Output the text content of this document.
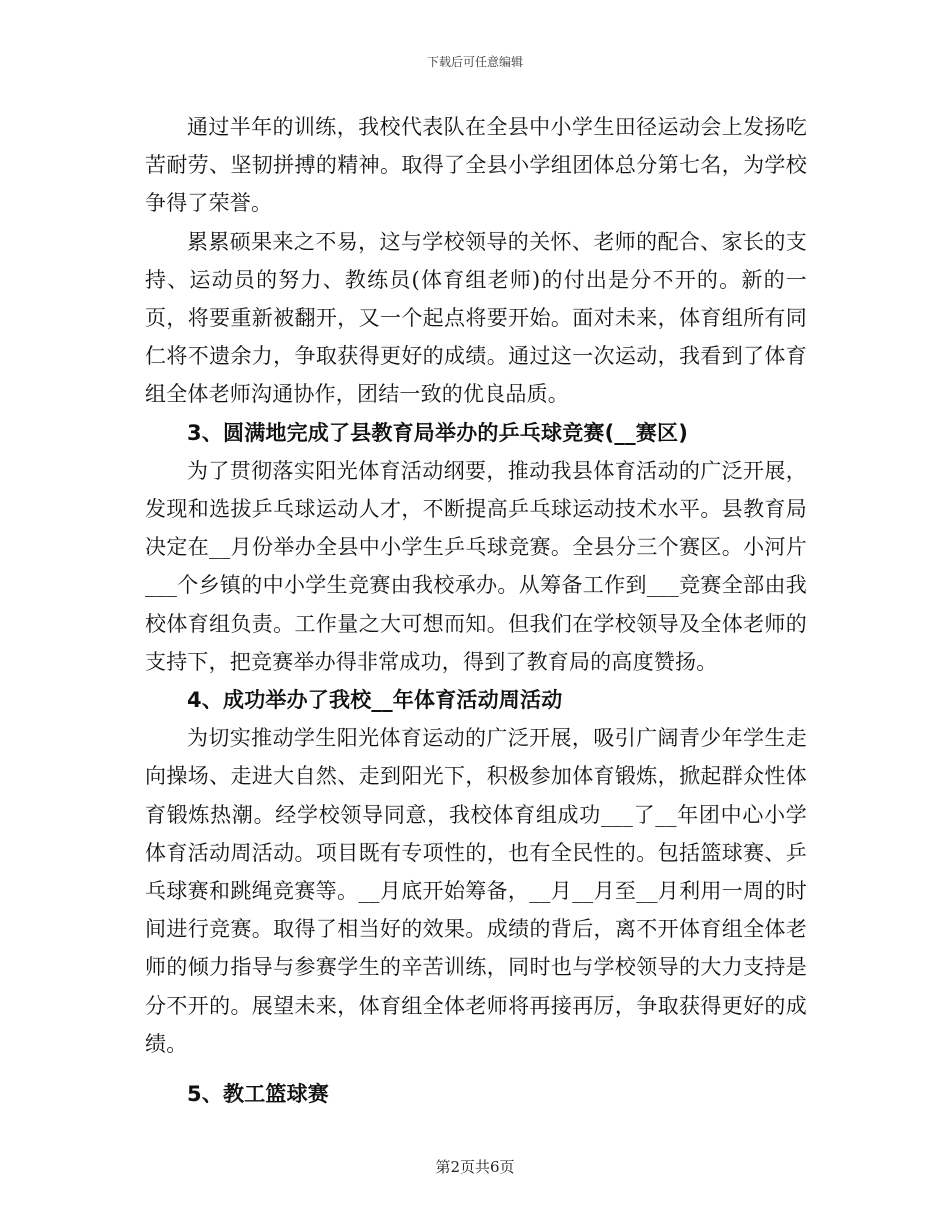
下载后可任意编辑

通过半年的训练，我校代表队在全县中小学生田径运动会上发扬吃苦耐劳、坚韧拼搏的精神。取得了全县小学组团体总分第七名，为学校争得了荣誉。

累累硕果来之不易，这与学校领导的关怀、老师的配合、家长的支持、运动员的努力、教练员(体育组老师)的付出是分不开的。新的一页，将要重新被翻开，又一个起点将要开始。面对未来，体育组所有同仁将不遗余力，争取获得更好的成绩。通过这一次运动，我看到了体育组全体老师沟通协作，团结一致的优良品质。

3、圆满地完成了县教育局举办的乒乓球竞赛(__赛区)

为了贯彻落实阳光体育活动纲要，推动我县体育活动的广泛开展，发现和选拔乒乓球运动人才，不断提高乒乓球运动技术水平。县教育局决定在__月份举办全县中小学生乒乓球竞赛。全县分三个赛区。小河片___个乡镇的中小学生竞赛由我校承办。从筹备工作到___竞赛全部由我校体育组负责。工作量之大可想而知。但我们在学校领导及全体老师的支持下，把竞赛举办得非常成功，得到了教育局的高度赞扬。

4、成功举办了我校__年体育活动周活动

为切实推动学生阳光体育运动的广泛开展，吸引广阔青少年学生走向操场、走进大自然、走到阳光下，积极参加体育锻炼，掀起群众性体育锻炼热潮。经学校领导同意，我校体育组成功___了__年团中心小学体育活动周活动。项目既有专项性的，也有全民性的。包括篮球赛、乒乓球赛和跳绳竞赛等。__月底开始筹备，__月__月至__月利用一周的时间进行竞赛。取得了相当好的效果。成绩的背后，离不开体育组全体老师的倾力指导与参赛学生的辛苦训练，同时也与学校领导的大力支持是分不开的。展望未来，体育组全体老师将再接再厉，争取获得更好的成绩。

5、教工篮球赛
第2页共6页
